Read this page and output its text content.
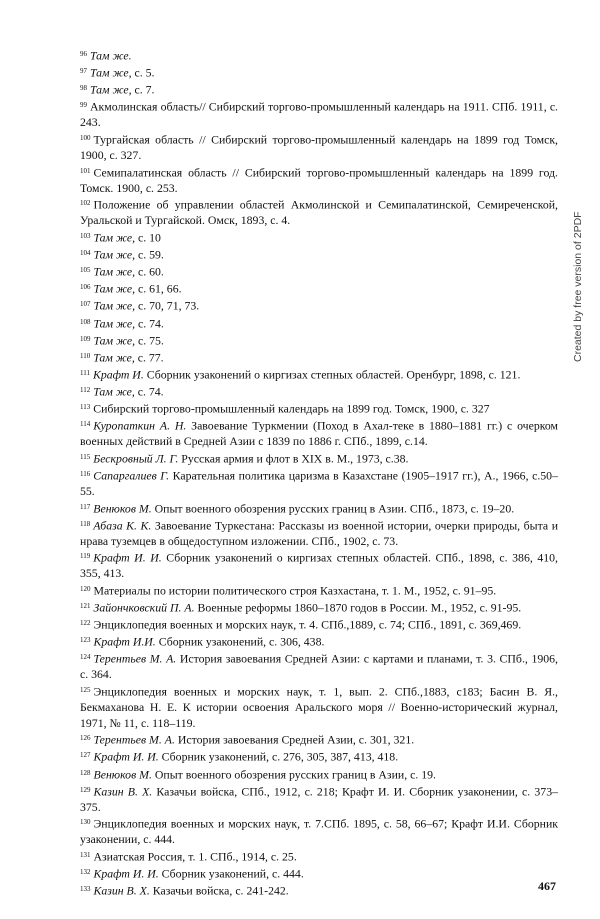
$^{96}$ Там же.

$^{97}$ Там же, с. 5.

$^{98}$ Там же, с. 7.

$^{99}$ Акмолинская область// Сибирский торгово-промышленный календарь на 1911. СПб. 1911, с. 243.

$^{100}$ Тургайская область // Сибирский торгово-промышленный календарь на 1899 год Томск, 1900, с. 327.

$^{101}$ Семипалатинская область // Сибирский торгово-промышленный календарь на 1899 год. Томск. 1900, с. 253.

$^{102}$ Положение об управлении областей Акмолинской и Семипалатинской, Семиреченской, Уральской и Тургайской. Омск, 1893, с. 4.

$^{103}$ Там же, с. 10

$^{104}$ Там же, с. 59.

$^{105}$ Там же, с. 60.

$^{106}$ Там же, с. 61, 66.

$^{107}$ Там же, с. 70, 71, 73.

$^{108}$ Там же, с. 74.

$^{109}$ Там же, с. 75.

$^{110}$ Там же, с. 77.

$^{111}$ Крафт И. Сборник узаконений о киргизах степных областей. Оренбург, 1898, с. 121.

$^{112}$ Там же, с. 74.

$^{113}$ Сибирский торгово-промышленный календарь на 1899 год. Томск, 1900, с. 327

$^{114}$ Куропаткин А. Н. Завоевание Туркмении (Поход в Ахал-теке в 1880–1881 гг.) с очерком военных действий в Средней Азии с 1839 по 1886 г. СПб., 1899, с.14.

$^{115}$ Бескровный Л. Г. Русская армия и флот в XIX в. М., 1973, с.38.

$^{116}$ Сапаргалиев Г. Карательная политика царизма в Казахстане (1905–1917 гг.), А., 1966, с.50–55.

$^{117}$ Венюков М. Опыт военного обозрения русских границ в Азии. СПб., 1873, с. 19–20.

$^{118}$ Абаза К. К. Завоевание Туркестана: Рассказы из военной истории, очерки природы, быта и нрава туземцев в общедоступном изложении. СПб., 1902, с. 73.

$^{119}$ Крафт И. И. Сборник узаконений о киргизах степных областей. СПб., 1898, с. 386, 410, 355, 413.

$^{120}$ Материалы по истории политического строя Казхастана, т. 1. М., 1952, с. 91–95.

$^{121}$ Зайончковский П. А. Военные реформы 1860–1870 годов в России. М., 1952, с. 91-95.

$^{122}$ Энциклопедия военных и морских наук, т. 4. СПб.,1889, с. 74; СПб., 1891, с. 369,469.

$^{123}$ Крафт И.И. Сборник узаконений, с. 306, 438.

$^{124}$ Терентьев М. А. История завоевания Средней Азии: с картами и планами, т. 3. СПб., 1906, с. 364.

$^{125}$ Энциклопедия военных и морских наук, т. 1, вып. 2. СПб.,1883, с183; Басин В. Я., Бекмаханова Н. Е. К истории освоения Аральского моря // Военно-исторический журнал, 1971, № 11, с. 118–119.

$^{126}$ Терентьев М. А. История завоевания Средней Азии, с. 301, 321.

$^{127}$ Крафт И. И. Сборник узаконений, с. 276, 305, 387, 413, 418.

$^{128}$ Венюков М. Опыт военного обозрения русских границ в Азии, с. 19.

$^{129}$ Казин В. Х. Казачьи войска, СПб., 1912, с. 218; Крафт И. И. Сборник узаконении, с. 373–375.

$^{130}$ Энциклопедия военных и морских наук, т. 7.СПб. 1895, с. 58, 66–67; Крафт И.И. Сборник узаконении, с. 444.

$^{131}$ Азиатская Россия, т. 1. СПб., 1914, с. 25.

$^{132}$ Крафт И. И. Сборник узаконений, с. 444.

$^{133}$ Казин В. Х. Казачьи войска, с. 241-242.	467
Created by free version of 2PDF
